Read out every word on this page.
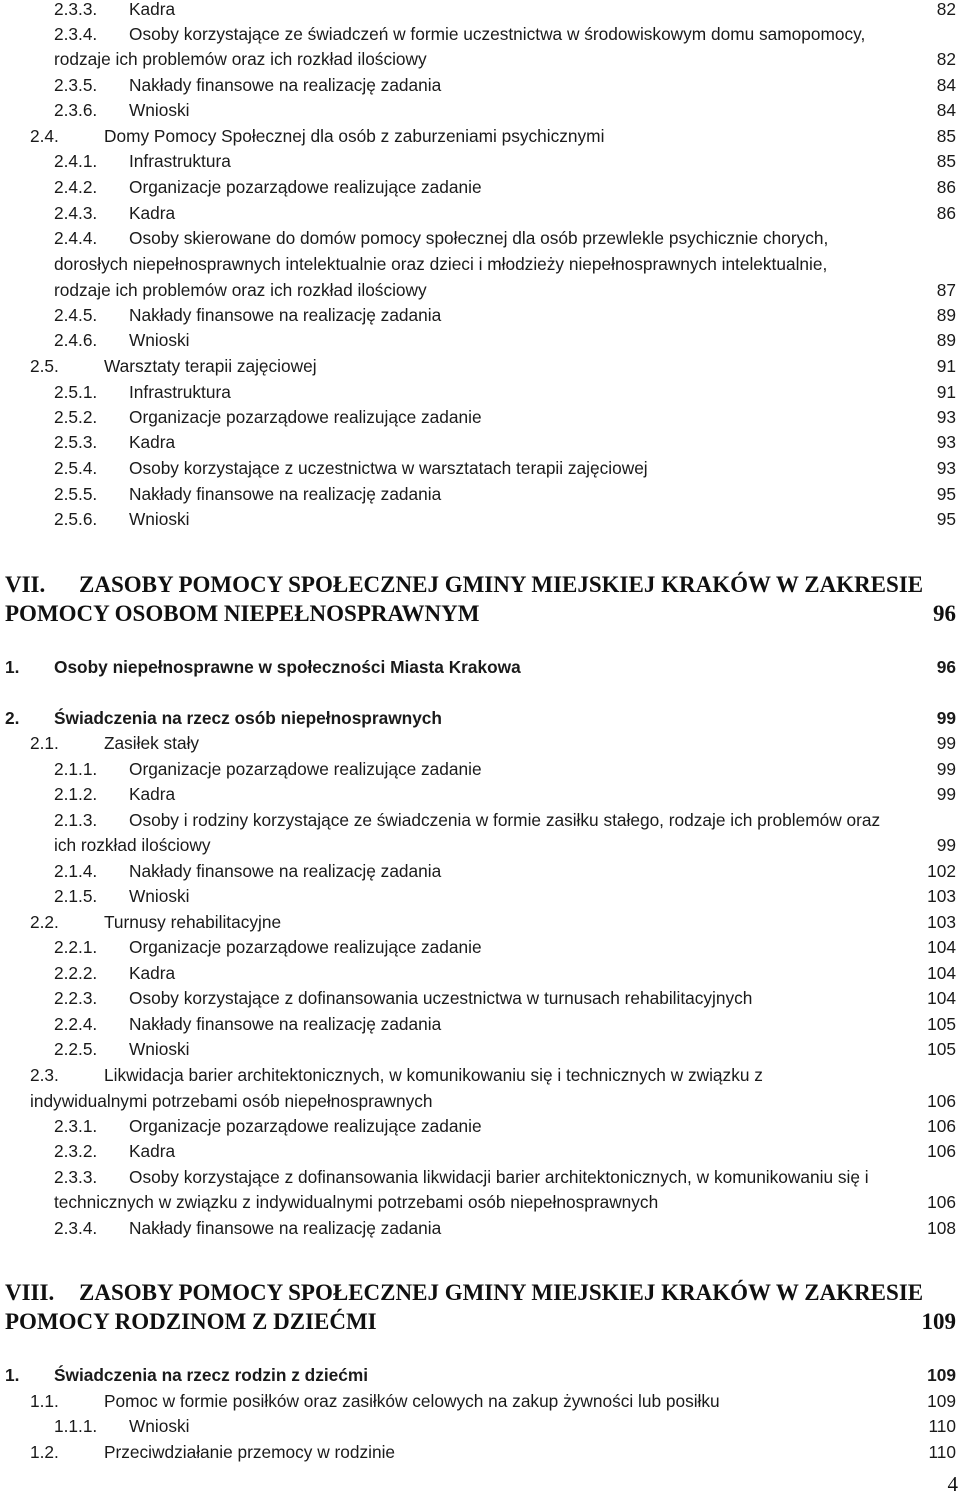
2.3.3. Kadra	82
2.3.4. Osoby korzystające ze świadczeń w formie uczestnictwa w środowiskowym domu samopomocy,
rodzaje ich problemów oraz ich rozkład ilościowy	82
2.3.5. Nakłady finansowe na realizację zadania	84
2.3.6. Wnioski	84
2.4.	Domy Pomocy Społecznej dla osób z zaburzeniami psychicznymi	85
2.4.1. Infrastruktura	85
2.4.2. Organizacje pozarządowe realizujące zadanie	86
2.4.3. Kadra	86
2.4.4. Osoby skierowane do domów pomocy społecznej dla osób przewlekle psychicznie chorych,
dorosłych niepełnosprawnych intelektualnie oraz dzieci i młodzieży niepełnosprawnych intelektualnie,
rodzaje ich problemów oraz ich rozkład ilościowy	87
2.4.5. Nakłady finansowe na realizację zadania	89
2.4.6. Wnioski	89
2.5.	Warsztaty terapii zajęciowej	91
2.5.1. Infrastruktura	91
2.5.2. Organizacje pozarządowe realizujące zadanie	93
2.5.3. Kadra	93
2.5.4. Osoby korzystające z uczestnictwa w warsztatach terapii zajęciowej	93
2.5.5. Nakłady finansowe na realizację zadania	95
2.5.6. Wnioski	95
VII. ZASOBY POMOCY SPOŁECZNEJ GMINY MIEJSKIEJ KRAKÓW W ZAKRESIE
POMOCY OSOBOM NIEPEŁNOSPRAWNYM	96
1. Osoby niepełnosprawne w społeczności Miasta Krakowa	96
2. Świadczenia na rzecz osób niepełnosprawnych	99
2.1.	Zasiłek stały	99
2.1.1. Organizacje pozarządowe realizujące zadanie	99
2.1.2. Kadra	99
2.1.3. Osoby i rodziny korzystające ze świadczenia w formie zasiłku stałego, rodzaje ich problemów oraz
ich rozkład ilościowy	99
2.1.4. Nakłady finansowe na realizację zadania	102
2.1.5. Wnioski	103
2.2.	Turnusy rehabilitacyjne	103
2.2.1. Organizacje pozarządowe realizujące zadanie	104
2.2.2. Kadra	104
2.2.3. Osoby korzystające z dofinansowania uczestnictwa w turnusach rehabilitacyjnych	104
2.2.4. Nakłady finansowe na realizację zadania	105
2.2.5. Wnioski	105
2.3.	Likwidacja barier architektonicznych, w komunikowaniu się i technicznych w związku z
indywidualnymi potrzebami osób niepełnosprawnych	106
2.3.1. Organizacje pozarządowe realizujące zadanie	106
2.3.2. Kadra	106
2.3.3. Osoby korzystające z dofinansowania likwidacji barier architektonicznych, w komunikowaniu się i
technicznych w związku z indywidualnymi potrzebami osób niepełnosprawnych	106
2.3.4. Nakłady finansowe na realizację zadania	108
VIII. ZASOBY POMOCY SPOŁECZNEJ GMINY MIEJSKIEJ KRAKÓW W ZAKRESIE
POMOCY RODZINOM Z DZIEĆMI	109
1. Świadczenia na rzecz rodzin z dziećmi	109
1.1.	Pomoc w formie posiłków oraz zasiłków celowych na zakup żywności lub posiłku	109
1.1.1. Wnioski	110
1.2.	Przeciwdziałanie przemocy w rodzinie	110
4
